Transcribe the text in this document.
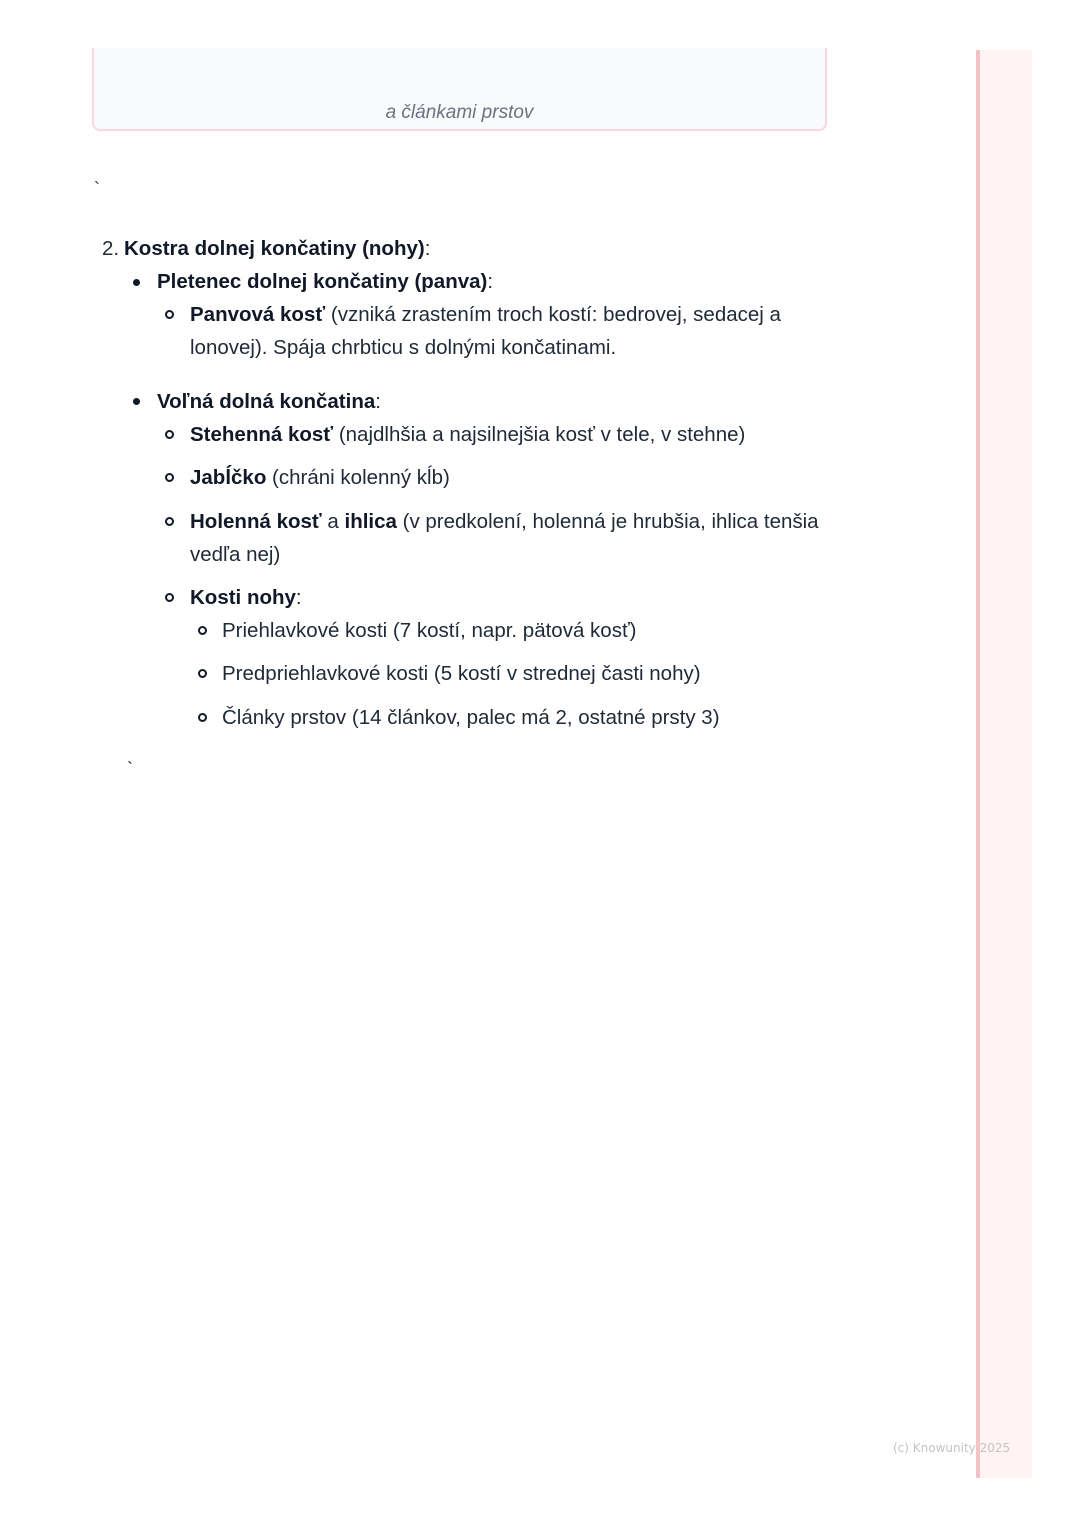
a článkami prstov
`
2. Kostra dolnej končatiny (nohy):
Pletenec dolnej končatiny (panva):
Panvová kosť (vzniká zrastením troch kostí: bedrovej, sedacej a
lonovej). Spája chrbticu s dolnými končatinami.
Voľná dolná končatina:
Stehenná kosť (najdlhšia a najsilnejšia kosť v tele, v stehne)
Jabĺčko (chráni kolenný kĺb)
Holenná kosť a ihlica (v predkolení, holenná je hrubšia, ihlica tenšia
vedľa nej)
Kosti nohy:
Priehlavkové kosti (7 kostí, napr. pätová kosť)
Predpriehlavkové kosti (5 kostí v strednej časti nohy)
Články prstov (14 článkov, palec má 2, ostatné prsty 3)
`
(c) Knowunity 2025
